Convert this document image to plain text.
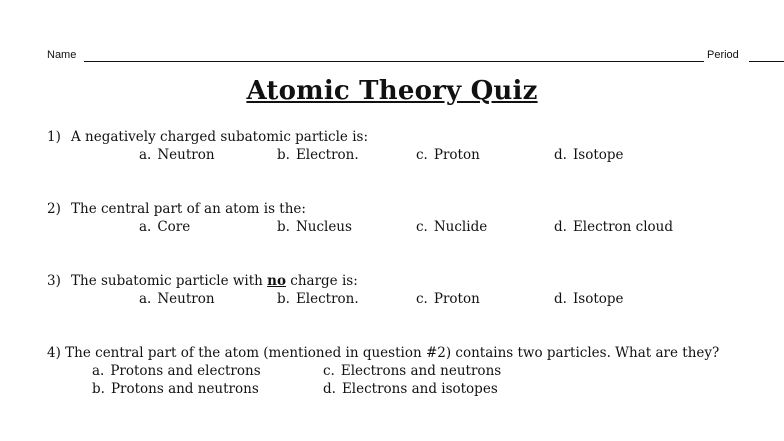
Name	Period
Atomic Theory Quiz
1) A negatively charged subatomic particle is:
a. Neutron	b. Electron.	c. Proton	d. Isotope
2) The central part of an atom is the:
a. Core	b. Nucleus	c. Nuclide	d. Electron cloud
3) The subatomic particle with no charge is:
a. Neutron	b. Electron.	c. Proton	d. Isotope
4) The central part of the atom (mentioned in question #2) contains two particles. What are they?
a. Protons and electrons	c. Electrons and neutrons
b. Protons and neutrons	d. Electrons and isotopes
